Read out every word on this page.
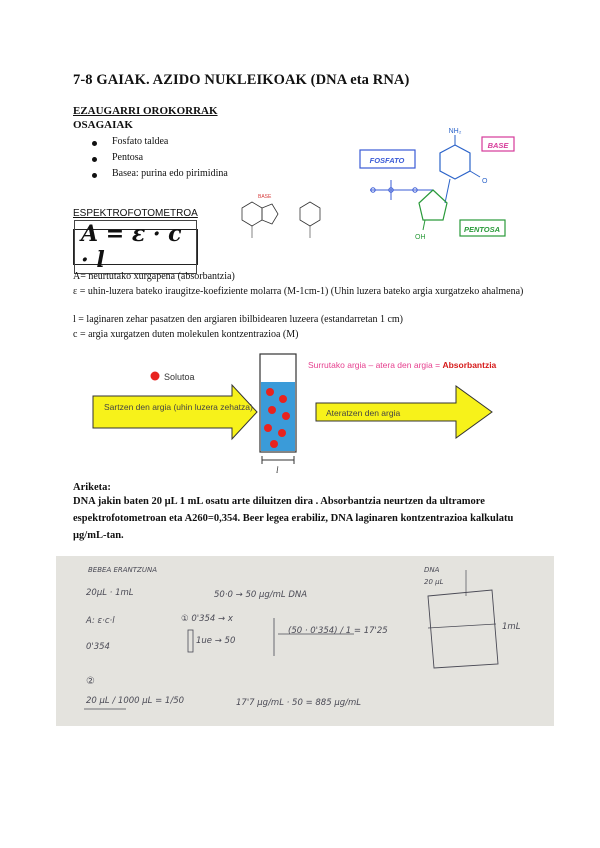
7-8 GAIAK. AZIDO NUKLEIKOAK (DNA eta RNA)
EZAUGARRI OROKORRAK
OSAGAIAK
Fosfato taldea
Pentosa
Basea: purina edo pirimidina
FOSFATO
BASE
PENTOSA
NH₂
O
OH
BASE
ESPEKTROFOTOMETROA
A = ε · c · l
A= neurtutako xurgapena (absorbantzia)
ε = uhin-luzera bateko iraugitze-koefiziente molarra (M-1cm-1) (Uhin luzera bateko argia xurgatzeko ahalmena)
l = laginaren zehar pasatzen den argiaren ibilbidearen luzeera (estandarretan 1 cm)
c = argia xurgatzen duten molekulen kontzentrazioa (M)
Solutoa
Surrutako argia – atera den argia = Absorbantzia
Sartzen den argia (uhin luzera zehatza)
l
Ateratzen den argia
Ariketa:
DNA jakin baten 20 µL 1 mL osatu arte diluitzen dira . Absorbantzia neurtzen da ultramore espektrofotometroan eta A260=0,354. Beer legea erabiliz, DNA laginaren kontzentrazioa kalkulatu µg/mL-tan.
BEBEA ERANTZUNA
20µL · 1mL	50·0 → 50 µg/mL DNA
A: ε·c·l
0'354
① 0'354 → x
1ue → 50
(50 · 0'354) / 1 = 17'25
②
20 µL / 1000 µL = 1/50	17'7 µg/mL · 50 = 885 µg/mL
DNA
1mL
20 µL
